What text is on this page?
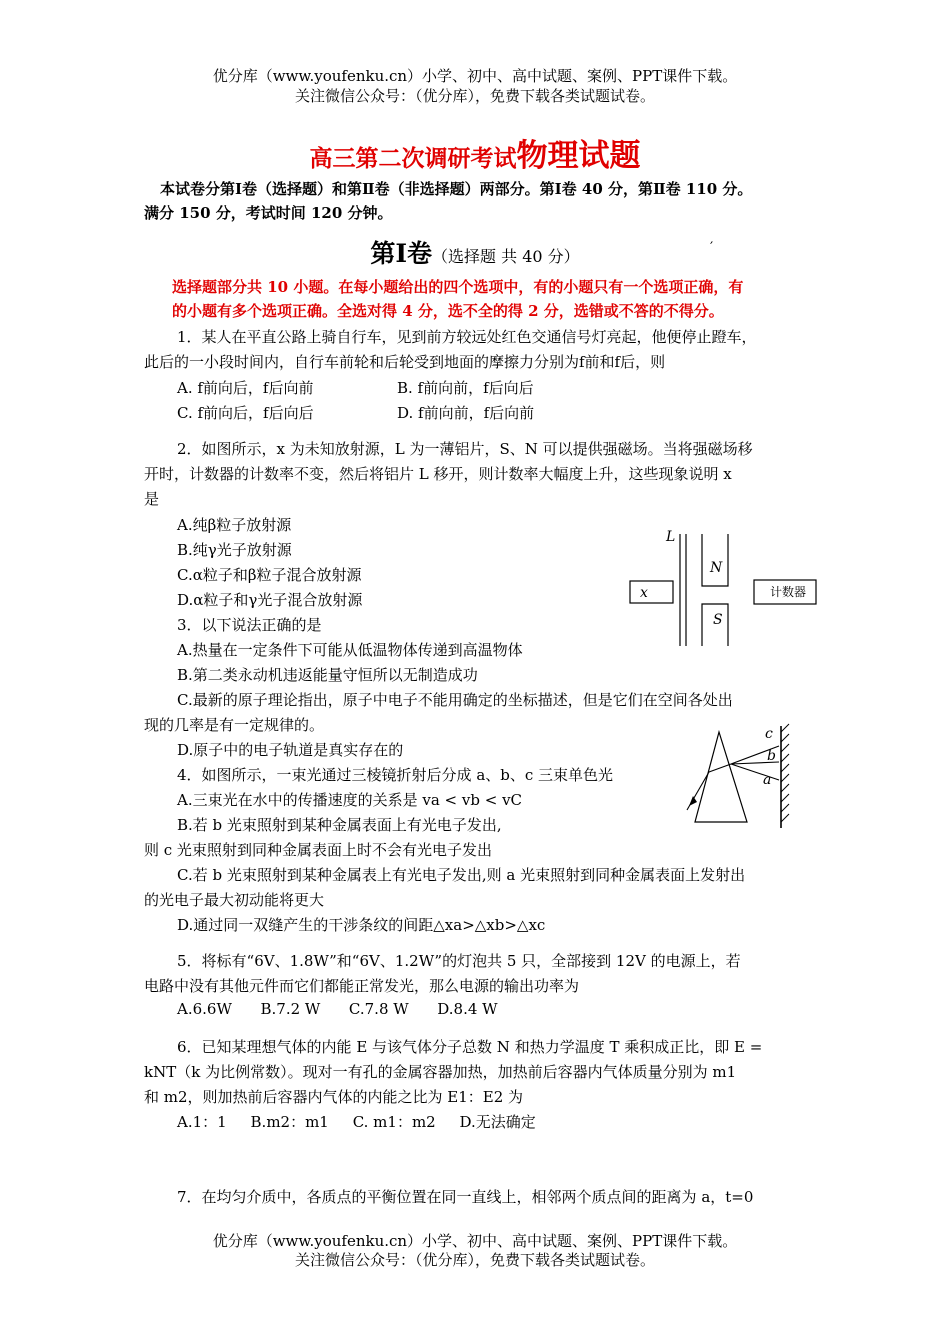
优分库（www.youfenku.cn）小学、初中、高中试题、案例、PPT课件下载。
关注微信公众号：（优分库），免费下载各类试题试卷。
高三第二次调研考试物理试题
本试卷分第Ⅰ卷（选择题）和第Ⅱ卷（非选择题）两部分。第Ⅰ卷 40 分，第Ⅱ卷 110 分。
满分 150 分，考试时间 120 分钟。
第Ⅰ卷（选择题 共 40 分）	′
选择题部分共 10 小题。在每小题给出的四个选项中，有的小题只有一个选项正确，有
的小题有多个选项正确。全选对得 4 分，选不全的得 2 分，选错或不答的不得分。
1．某人在平直公路上骑自行车，见到前方较远处红色交通信号灯亮起，他便停止蹬车，
此后的一小段时间内，自行车前轮和后轮受到地面的摩擦力分别为f前和f后，则
A. f前向后，f后向前	B. f前向前，f后向后
C. f前向后，f后向后	D. f前向前，f后向前
2．如图所示，x 为未知放射源，L 为一薄铝片，S、N 可以提供强磁场。当将强磁场移
开时，计数器的计数率不变，然后将铝片 L 移开，则计数率大幅度上升，这些现象说明 x
是
A.纯β粒子放射源
B.纯γ光子放射源
C.α粒子和β粒子混合放射源
D.α粒子和γ光子混合放射源
L
N
S
x	计数器
3．以下说法正确的是
A.热量在一定条件下可能从低温物体传递到高温物体
B.第二类永动机违返能量守恒所以无制造成功
C.最新的原子理论指出，原子中电子不能用确定的坐标描述，但是它们在空间各处出
现的几率是有一定规律的。
D.原子中的电子轨道是真实存在的
4．如图所示，一束光通过三棱镜折射后分成 a、b、c 三束单色光
A.三束光在水中的传播速度的关系是 va < vb < vC
B.若 b 光束照射到某种金属表面上有光电子发出,
则 c 光束照射到同种金属表面上时不会有光电子发出
C.若 b 光束照射到某种金属表上有光电子发出,则 a 光束照射到同种金属表面上发射出
的光电子最大初动能将更大
D.通过同一双缝产生的干涉条纹的间距△xa>△xb>△xc
c
b
a
5．将标有“6V、1.8W”和“6V、1.2W”的灯泡共 5 只，全部接到 12V 的电源上，若
电路中没有其他元件而它们都能正常发光，那么电源的输出功率为
A.6.6W      B.7.2 W      C.7.8 W      D.8.4 W
6．已知某理想气体的内能 E 与该气体分子总数 N 和热力学温度 T 乘积成正比，即 E =
kNT（k 为比例常数）。现对一有孔的金属容器加热，加热前后容器内气体质量分别为 m1
和 m2，则加热前后容器内气体的内能之比为 E1：E2 为
A.1：1     B.m2：m1     C. m1：m2     D.无法确定
7．在均匀介质中，各质点的平衡位置在同一直线上，相邻两个质点间的距离为 a，t=0
优分库（www.youfenku.cn）小学、初中、高中试题、案例、PPT课件下载。
关注微信公众号：（优分库），免费下载各类试题试卷。
